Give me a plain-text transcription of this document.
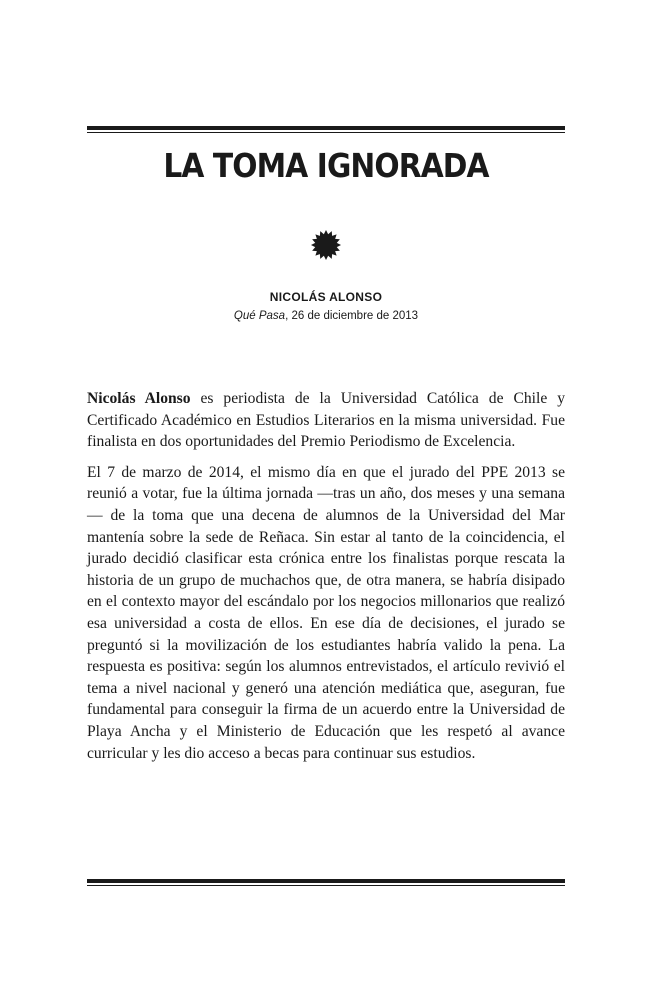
LA TOMA IGNORADA
NICOLÁS ALONSO
Qué Pasa, 26 de diciembre de 2013

Nicolás Alonso es periodista de la Universidad Católica de Chile y Certificado Académico en Estudios Literarios en la misma universidad. Fue finalista en dos oportunidades del Premio Periodismo de Excelencia.

El 7 de marzo de 2014, el mismo día en que el jurado del PPE 2013 se reunió a votar, fue la última jornada —tras un año, dos meses y una semana— de la toma que una decena de alumnos de la Universidad del Mar mantenía sobre la sede de Reñaca. Sin estar al tanto de la coincidencia, el jurado decidió clasificar esta crónica entre los finalistas porque rescata la historia de un grupo de muchachos que, de otra manera, se habría disipado en el contexto mayor del escándalo por los negocios millonarios que realizó esa universidad a costa de ellos. En ese día de decisiones, el jurado se preguntó si la movilización de los estudiantes habría valido la pena. La respuesta es positiva: según los alumnos entrevistados, el artículo revivió el tema a nivel nacional y generó una atención mediática que, aseguran, fue fundamental para conseguir la firma de un acuerdo entre la Universidad de Playa Ancha y el Ministerio de Educación que les respetó al avance curricular y les dio acceso a becas para continuar sus estudios.
